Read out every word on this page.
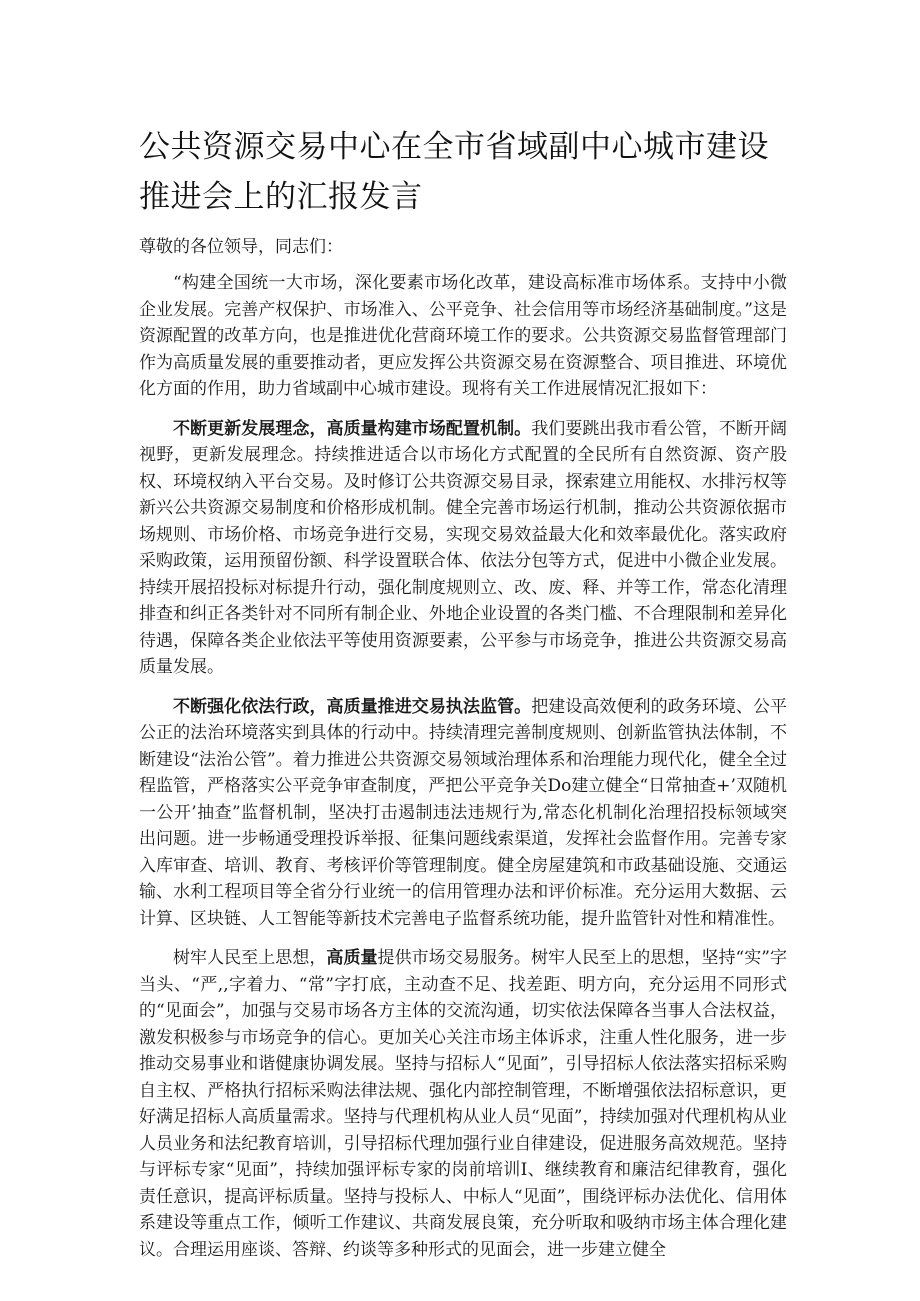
公共资源交易中心在全市省域副中心城市建设推进会上的汇报发言

尊敬的各位领导，同志们：

“构建全国统一大市场，深化要素市场化改革，建设高标准市场体系。支持中小微企业发展。完善产权保护、市场准入、公平竞争、社会信用等市场经济基础制度。”这是资源配置的改革方向，也是推进优化营商环境工作的要求。公共资源交易监督管理部门作为高质量发展的重要推动者，更应发挥公共资源交易在资源整合、项目推进、环境优化方面的作用，助力省域副中心城市建设。现将有关工作进展情况汇报如下：

不断更新发展理念，高质量构建市场配置机制。我们要跳出我市看公管，不断开阔视野，更新发展理念。持续推进适合以市场化方式配置的全民所有自然资源、资产股权、环境权纳入平台交易。及时修订公共资源交易目录，探索建立用能权、水排污权等新兴公共资源交易制度和价格形成机制。健全完善市场运行机制，推动公共资源依据市场规则、市场价格、市场竞争进行交易，实现交易效益最大化和效率最优化。落实政府采购政策，运用预留份额、科学设置联合体、依法分包等方式，促进中小微企业发展。持续开展招投标对标提升行动，强化制度规则立、改、废、释、并等工作，常态化清理排查和纠正各类针对不同所有制企业、外地企业设置的各类门槛、不合理限制和差异化待遇，保障各类企业依法平等使用资源要素，公平参与市场竞争，推进公共资源交易高质量发展。

不断强化依法行政，高质量推进交易执法监管。把建设高效便利的政务环境、公平公正的法治环境落实到具体的行动中。持续清理完善制度规则、创新监管执法体制，不断建设“法治公管”。着力推进公共资源交易领域治理体系和治理能力现代化，健全全过程监管，严格落实公平竞争审查制度，严把公平竞争关Do建立健全“日常抽查+’双随机一公开’抽查”监督机制，坚决打击遏制违法违规行为,常态化机制化治理招投标领域突出问题。进一步畅通受理投诉举报、征集问题线索渠道，发挥社会监督作用。完善专家入库审查、培训、教育、考核评价等管理制度。健全房屋建筑和市政基础设施、交通运输、水利工程项目等全省分行业统一的信用管理办法和评价标准。充分运用大数据、云计算、区块链、人工智能等新技术完善电子监督系统功能，提升监管针对性和精准性。

树牢人民至上思想，高质量提供市场交易服务。树牢人民至上的思想，坚持“实”字当头、“严,,字着力、“常”字打底，主动查不足、找差距、明方向，充分运用不同形式的“见面会”，加强与交易市场各方主体的交流沟通，切实依法保障各当事人合法权益，激发积极参与市场竞争的信心。更加关心关注市场主体诉求，注重人性化服务，进一步推动交易事业和谐健康协调发展。坚持与招标人“见面”，引导招标人依法落实招标采购自主权、严格执行招标采购法律法规、强化内部控制管理，不断增强依法招标意识，更好满足招标人高质量需求。坚持与代理机构从业人员“见面”，持续加强对代理机构从业人员业务和法纪教育培训，引导招标代理加强行业自律建设，促进服务高效规范。坚持与评标专家“见面”，持续加强评标专家的岗前培训I、继续教育和廉洁纪律教育，强化责任意识，提高评标质量。坚持与投标人、中标人“见面”，围绕评标办法优化、信用体系建设等重点工作，倾听工作建议、共商发展良策，充分听取和吸纳市场主体合理化建议。合理运用座谈、答辩、约谈等多种形式的见面会，进一步建立健全
